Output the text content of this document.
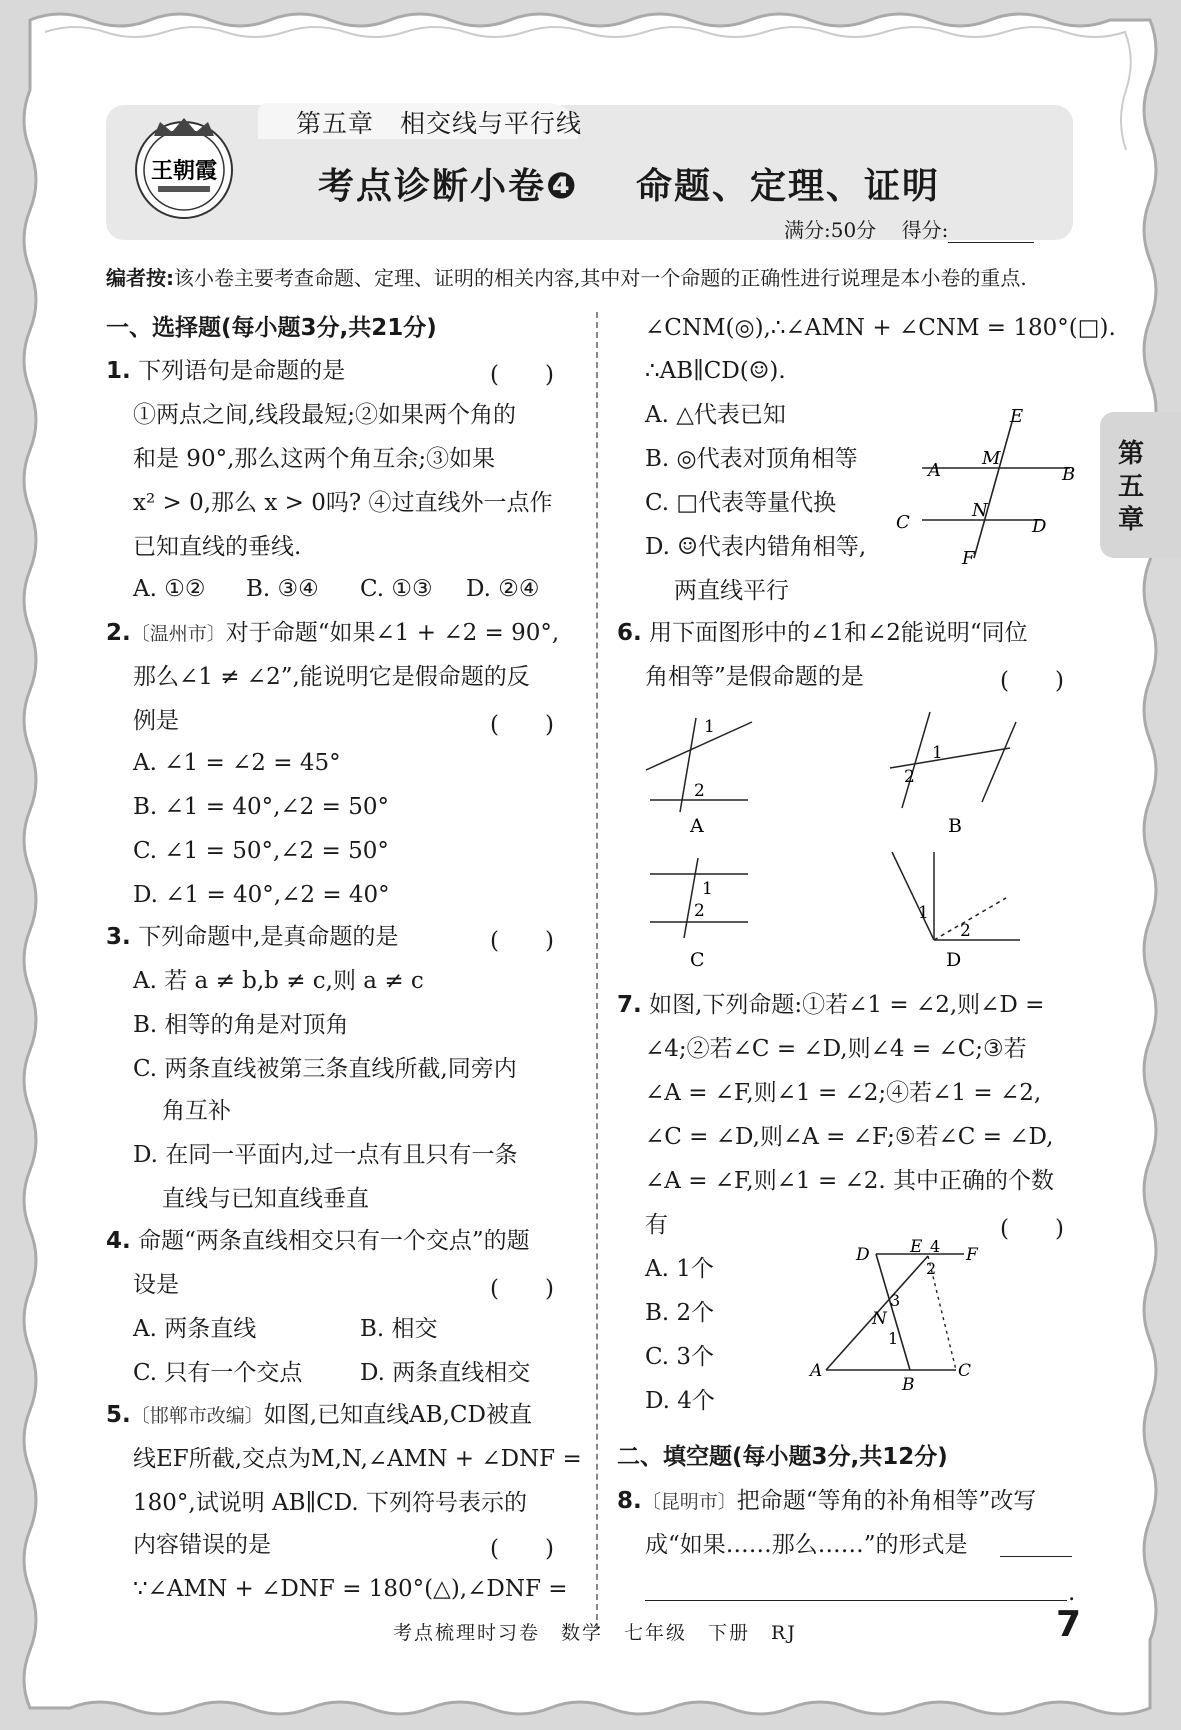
王朝霞
第五章　相交线与平行线
考点诊断小卷❹ 命题、定理、证明
满分:50分 得分:
编者按:该小卷主要考查命题、定理、证明的相关内容,其中对一个命题的正确性进行说理是本小卷的重点.
一、选择题(每小题3分,共21分)
1. 下列语句是命题的是	(　　)
①两点之间,线段最短;②如果两个角的
和是 90°,那么这两个角互余;③如果
x² > 0,那么 x > 0吗? ④过直线外一点作
已知直线的垂线.
A. ①② B. ③④ C. ①③ D. ②④
2.〔温州市〕对于命题“如果∠1 + ∠2 = 90°,
那么∠1 ≠ ∠2”,能说明它是假命题的反
例是	(　　)
A. ∠1 = ∠2 = 45°
B. ∠1 = 40°,∠2 = 50°
C. ∠1 = 50°,∠2 = 50°
D. ∠1 = 40°,∠2 = 40°
3. 下列命题中,是真命题的是	(　　)
A. 若 a ≠ b,b ≠ c,则 a ≠ c
B. 相等的角是对顶角
C. 两条直线被第三条直线所截,同旁内
角互补
D. 在同一平面内,过一点有且只有一条
直线与已知直线垂直
4. 命题“两条直线相交只有一个交点”的题
设是	(　　)
A. 两条直线	B. 相交
C. 只有一个交点	D. 两条直线相交
5.〔邯郸市改编〕如图,已知直线AB,CD被直
线EF所截,交点为M,N,∠AMN + ∠DNF =
180°,试说明 AB∥CD. 下列符号表示的
内容错误的是	(　　)
∵∠AMN + ∠DNF = 180°(△),∠DNF =
∠CNM(◎),∴∠AMN + ∠CNM = 180°(□).
∴AB∥CD(☺).
A. △代表已知
B. ◎代表对顶角相等
C. □代表等量代换
D. ☺代表内错角相等,
两直线平行
E
M
A	B
C
N
D
F
6. 用下面图形中的∠1和∠2能说明“同位
角相等”是假命题的是	(　　)
1
2
A
1
2
B
1
2
C
1
2
D
7. 如图,下列命题:①若∠1 = ∠2,则∠D =
∠4;②若∠C = ∠D,则∠4 = ∠C;③若
∠A = ∠F,则∠1 = ∠2;④若∠1 = ∠2,
∠C = ∠D,则∠A = ∠F;⑤若∠C = ∠D,
∠A = ∠F,则∠1 = ∠2. 其中正确的个数
有	(　　)
A. 1个
B. 2个
C. 3个
D. 4个
D E 4 F
2
3
N
1
A
B
C
二、填空题(每小题3分,共12分)
8.〔昆明市〕把命题“等角的补角相等”改写
成“如果……那么……”的形式是
.
第五章
考点梳理时习卷　数学　七年级　下册　RJ	7
